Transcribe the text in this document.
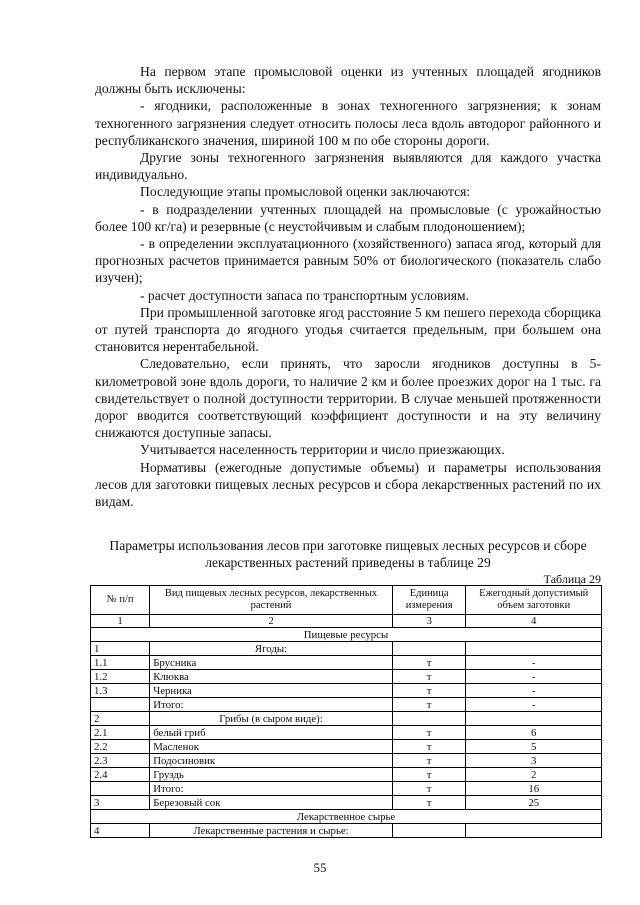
На первом этапе промысловой оценки из учтенных площадей ягодников должны быть исключены:

- ягодники, расположенные в зонах техногенного загрязнения; к зонам техногенного загрязнения следует относить полосы леса вдоль автодорог районного и республиканского значения, шириной 100 м по обе стороны дороги.

Другие зоны техногенного загрязнения выявляются для каждого участка индивидуально.

Последующие этапы промысловой оценки заключаются:

- в подразделении учтенных площадей на промысловые (с урожайностью более 100 кг/га) и резервные (с неустойчивым и слабым плодоношением);

- в определении эксплуатационного (хозяйственного) запаса ягод, который для прогнозных расчетов принимается равным 50% от биологического (показатель слабо изучен);

- расчет доступности запаса по транспортным условиям.

При промышленной заготовке ягод расстояние 5 км пешего перехода сборщика от путей транспорта до ягодного угодья считается предельным, при большем она становится нерентабельной.

Следовательно, если принять, что заросли ягодников доступны в 5-километровой зоне вдоль дороги, то наличие 2 км и более проезжих дорог на 1 тыс. га свидетельствует о полной доступности территории. В случае меньшей протяженности дорог вводится соответствующий коэффициент доступности и на эту величину снижаются доступные запасы.

Учитывается населенность территории и число приезжающих.

Нормативы (ежегодные допустимые объемы) и параметры использования лесов для заготовки пищевых лесных ресурсов и сбора лекарственных растений по их видам.

Параметры использования лесов при заготовке пищевых лесных ресурсов и сборе лекарственных растений приведены в таблице 29
Таблица 29
№ п/п	Вид пищевых лесных ресурсов, лекарственных растений	Единица измерения	Ежегодный допустимый объем заготовки
1	2	3	4
Пищевые ресурсы			
1	Ягоды:		
1.1	Брусника	т	-
1.2	Клюква	т	-
1.3	Черника	т	-
	Итого:	т	-
2	Грибы (в сыром виде):		
2.1	белый гриб	т	6
2.2	Масленок	т	5
2.3	Подосиновик	т	3
2.4	Груздь	т	2
	Итого:	т	16
3	Березовый сок	т	25
Лекарственное сырье			
4	Лекарственные растения и сырье:		
55
